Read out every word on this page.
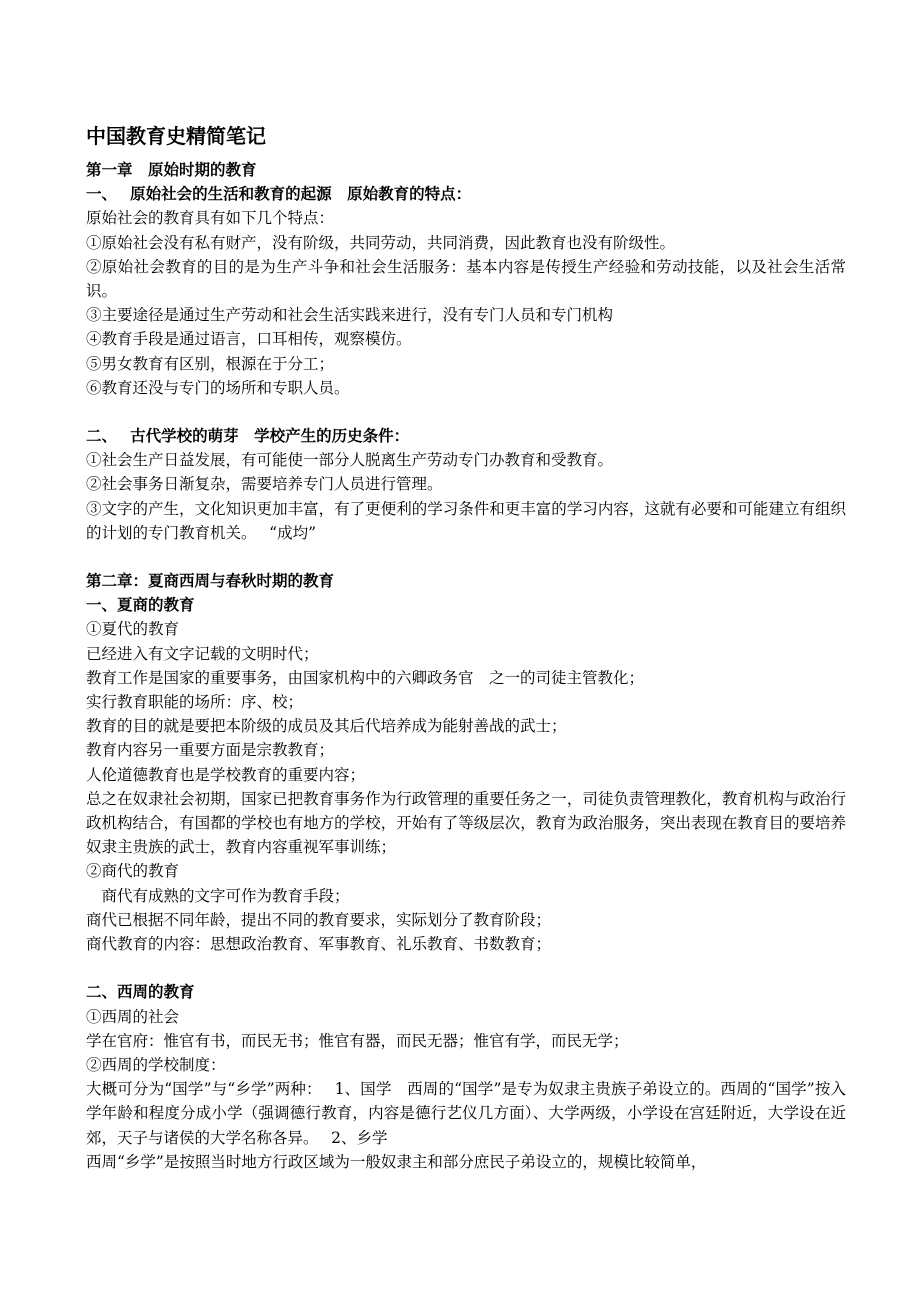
中国教育史精简笔记
第一章　原始时期的教育
一、　 原始社会的生活和教育的起源　原始教育的特点：
原始社会的教育具有如下几个特点：
①原始社会没有私有财产，没有阶级，共同劳动，共同消费，因此教育也没有阶级性。
②原始社会教育的目的是为生产斗争和社会生活服务：基本内容是传授生产经验和劳动技能，以及社会生活常识。
③主要途径是通过生产劳动和社会生活实践来进行，没有专门人员和专门机构
④教育手段是通过语言，口耳相传，观察模仿。
⑤男女教育有区别，根源在于分工；
⑥教育还没与专门的场所和专职人员。
二、　 古代学校的萌芽　学校产生的历史条件：
①社会生产日益发展，有可能使一部分人脱离生产劳动专门办教育和受教育。
②社会事务日渐复杂，需要培养专门人员进行管理。
③文字的产生，文化知识更加丰富，有了更便利的学习条件和更丰富的学习内容，这就有必要和可能建立有组织的计划的专门教育机关。　 “成均”
第二章：夏商西周与春秋时期的教育
一、夏商的教育
①夏代的教育
已经进入有文字记载的文明时代；
教育工作是国家的重要事务，由国家机构中的六卿政务官　之一的司徒主管教化；
实行教育职能的场所：序、校；
教育的目的就是要把本阶级的成员及其后代培养成为能射善战的武士；
教育内容另一重要方面是宗教教育；
人伦道德教育也是学校教育的重要内容；
总之在奴隶社会初期，国家已把教育事务作为行政管理的重要任务之一，司徒负责管理教化，教育机构与政治行政机构结合，有国都的学校也有地方的学校，开始有了等级层次，教育为政治服务，突出表现在教育目的要培养奴隶主贵族的武士，教育内容重视军事训练；
②商代的教育
　商代有成熟的文字可作为教育手段；
商代已根据不同年龄，提出不同的教育要求，实际划分了教育阶段；
商代教育的内容：思想政治教育、军事教育、礼乐教育、书数教育；
二、西周的教育
①西周的社会
学在官府：惟官有书，而民无书；惟官有器，而民无器；惟官有学，而民无学；
②西周的学校制度：
大概可分为“国学”与“乡学”两种：　 1、国学　西周的“国学”是专为奴隶主贵族子弟设立的。西周的“国学”按入学年龄和程度分成小学（强调德行教育，内容是德行艺仪几方面）、大学两级，小学设在宫廷附近，大学设在近郊，天子与诸侯的大学名称各异。　 2、乡学
西周“乡学”是按照当时地方行政区域为一般奴隶主和部分庶民子弟设立的，规模比较简单，
